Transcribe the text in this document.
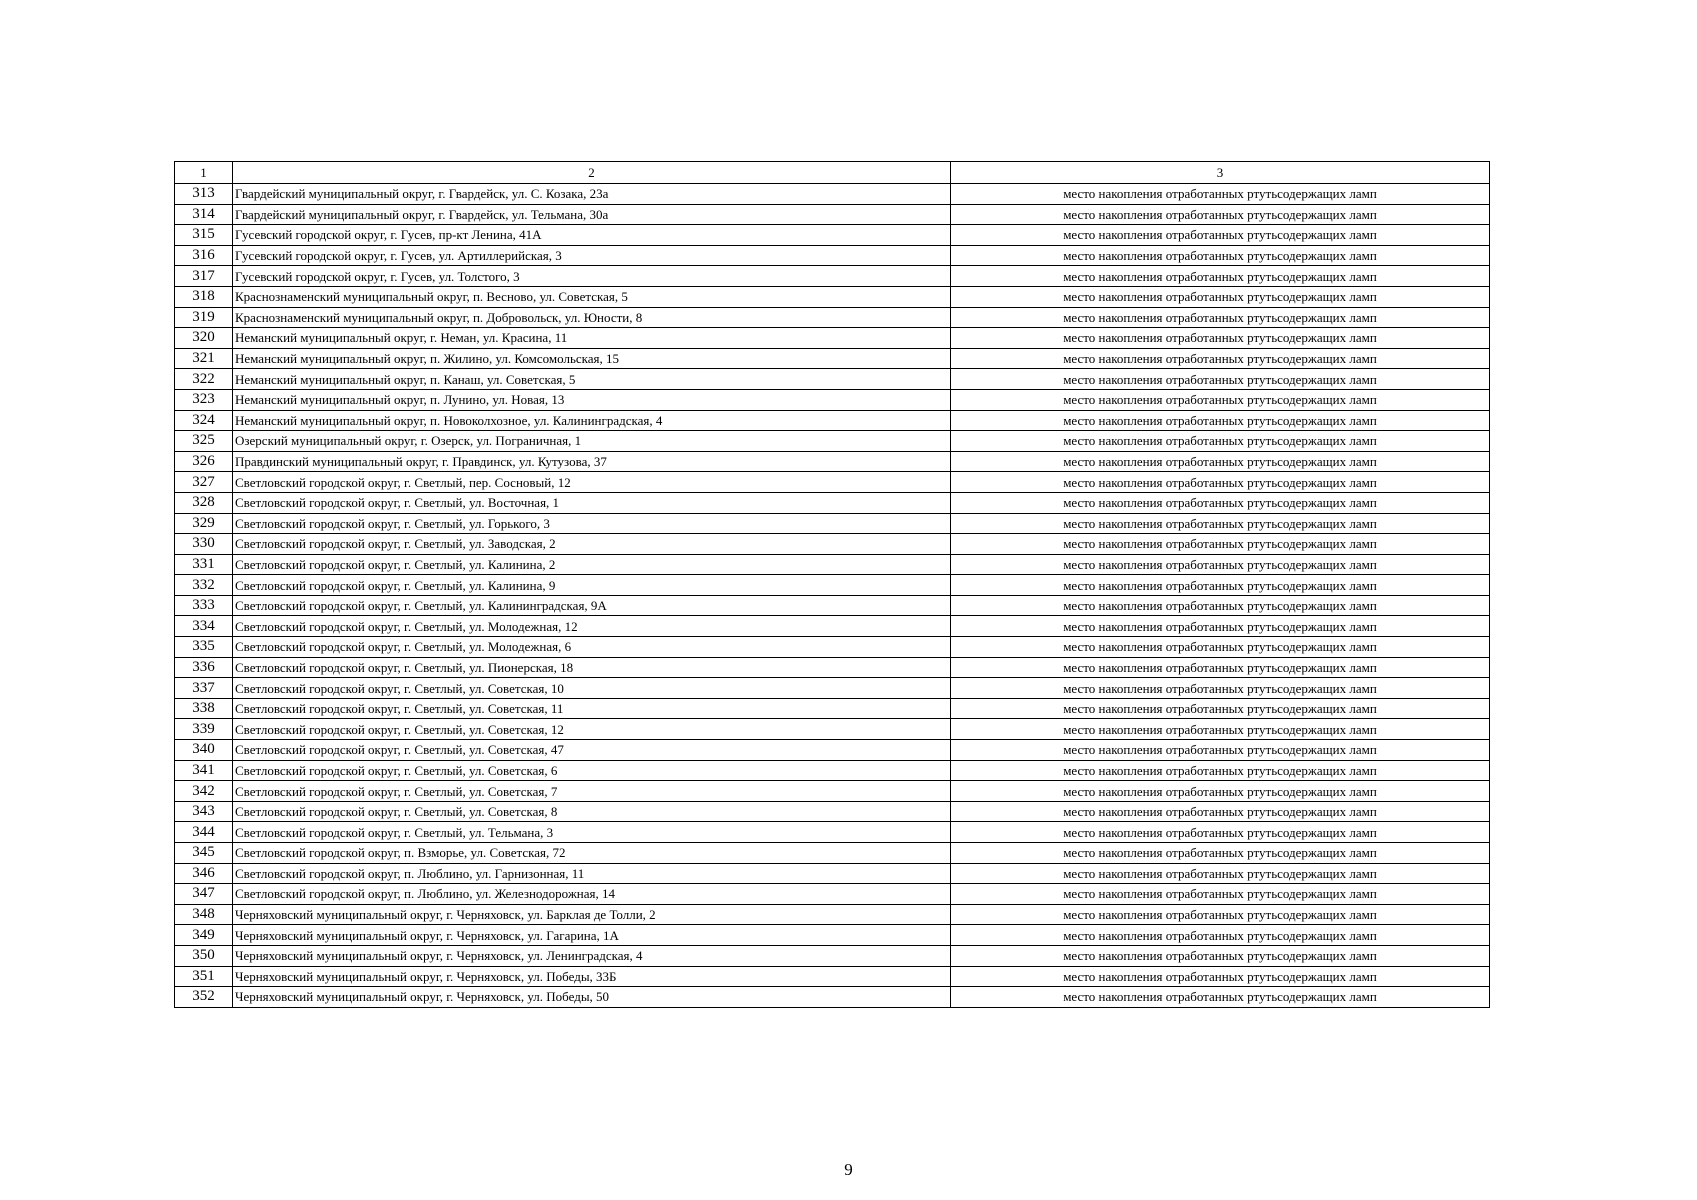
1	2	3
313	Гвардейский муниципальный округ, г. Гвардейск, ул. С. Козака, 23а	место накопления отработанных ртутьсодержащих ламп
314	Гвардейский муниципальный округ, г. Гвардейск, ул. Тельмана, 30а	место накопления отработанных ртутьсодержащих ламп
315	Гусевский городской округ, г. Гусев, пр-кт Ленина, 41А	место накопления отработанных ртутьсодержащих ламп
316	Гусевский городской округ, г. Гусев, ул. Артиллерийская, 3	место накопления отработанных ртутьсодержащих ламп
317	Гусевский городской округ, г. Гусев, ул. Толстого, 3	место накопления отработанных ртутьсодержащих ламп
318	Краснознаменский муниципальный округ, п. Весново, ул. Советская, 5	место накопления отработанных ртутьсодержащих ламп
319	Краснознаменский муниципальный округ, п. Добровольск, ул. Юности, 8	место накопления отработанных ртутьсодержащих ламп
320	Неманский муниципальный округ, г. Неман, ул. Красина, 11	место накопления отработанных ртутьсодержащих ламп
321	Неманский муниципальный округ, п. Жилино, ул. Комсомольская, 15	место накопления отработанных ртутьсодержащих ламп
322	Неманский муниципальный округ, п. Канаш, ул. Советская, 5	место накопления отработанных ртутьсодержащих ламп
323	Неманский муниципальный округ, п. Лунино, ул. Новая, 13	место накопления отработанных ртутьсодержащих ламп
324	Неманский муниципальный округ, п. Новоколхозное, ул. Калининградская, 4	место накопления отработанных ртутьсодержащих ламп
325	Озерский муниципальный округ, г. Озерск, ул. Пограничная, 1	место накопления отработанных ртутьсодержащих ламп
326	Правдинский муниципальный округ, г. Правдинск, ул. Кутузова, 37	место накопления отработанных ртутьсодержащих ламп
327	Светловский городской округ, г. Светлый, пер. Сосновый, 12	место накопления отработанных ртутьсодержащих ламп
328	Светловский городской округ, г. Светлый, ул. Восточная, 1	место накопления отработанных ртутьсодержащих ламп
329	Светловский городской округ, г. Светлый, ул. Горького, 3	место накопления отработанных ртутьсодержащих ламп
330	Светловский городской округ, г. Светлый, ул. Заводская, 2	место накопления отработанных ртутьсодержащих ламп
331	Светловский городской округ, г. Светлый, ул. Калинина, 2	место накопления отработанных ртутьсодержащих ламп
332	Светловский городской округ, г. Светлый, ул. Калинина, 9	место накопления отработанных ртутьсодержащих ламп
333	Светловский городской округ, г. Светлый, ул. Калининградская, 9А	место накопления отработанных ртутьсодержащих ламп
334	Светловский городской округ, г. Светлый, ул. Молодежная, 12	место накопления отработанных ртутьсодержащих ламп
335	Светловский городской округ, г. Светлый, ул. Молодежная, 6	место накопления отработанных ртутьсодержащих ламп
336	Светловский городской округ, г. Светлый, ул. Пионерская, 18	место накопления отработанных ртутьсодержащих ламп
337	Светловский городской округ, г. Светлый, ул. Советская, 10	место накопления отработанных ртутьсодержащих ламп
338	Светловский городской округ, г. Светлый, ул. Советская, 11	место накопления отработанных ртутьсодержащих ламп
339	Светловский городской округ, г. Светлый, ул. Советская, 12	место накопления отработанных ртутьсодержащих ламп
340	Светловский городской округ, г. Светлый, ул. Советская, 47	место накопления отработанных ртутьсодержащих ламп
341	Светловский городской округ, г. Светлый, ул. Советская, 6	место накопления отработанных ртутьсодержащих ламп
342	Светловский городской округ, г. Светлый, ул. Советская, 7	место накопления отработанных ртутьсодержащих ламп
343	Светловский городской округ, г. Светлый, ул. Советская, 8	место накопления отработанных ртутьсодержащих ламп
344	Светловский городской округ, г. Светлый, ул. Тельмана, 3	место накопления отработанных ртутьсодержащих ламп
345	Светловский городской округ, п. Взморье, ул. Советская, 72	место накопления отработанных ртутьсодержащих ламп
346	Светловский городской округ, п. Люблино, ул. Гарнизонная, 11	место накопления отработанных ртутьсодержащих ламп
347	Светловский городской округ, п. Люблино, ул. Железнодорожная, 14	место накопления отработанных ртутьсодержащих ламп
348	Черняховский муниципальный округ, г. Черняховск, ул. Барклая де Толли, 2	место накопления отработанных ртутьсодержащих ламп
349	Черняховский муниципальный округ, г. Черняховск, ул. Гагарина, 1А	место накопления отработанных ртутьсодержащих ламп
350	Черняховский муниципальный округ, г. Черняховск, ул. Ленинградская, 4	место накопления отработанных ртутьсодержащих ламп
351	Черняховский муниципальный округ, г. Черняховск, ул. Победы, 33Б	место накопления отработанных ртутьсодержащих ламп
352	Черняховский муниципальный округ, г. Черняховск, ул. Победы, 50	место накопления отработанных ртутьсодержащих ламп
9
